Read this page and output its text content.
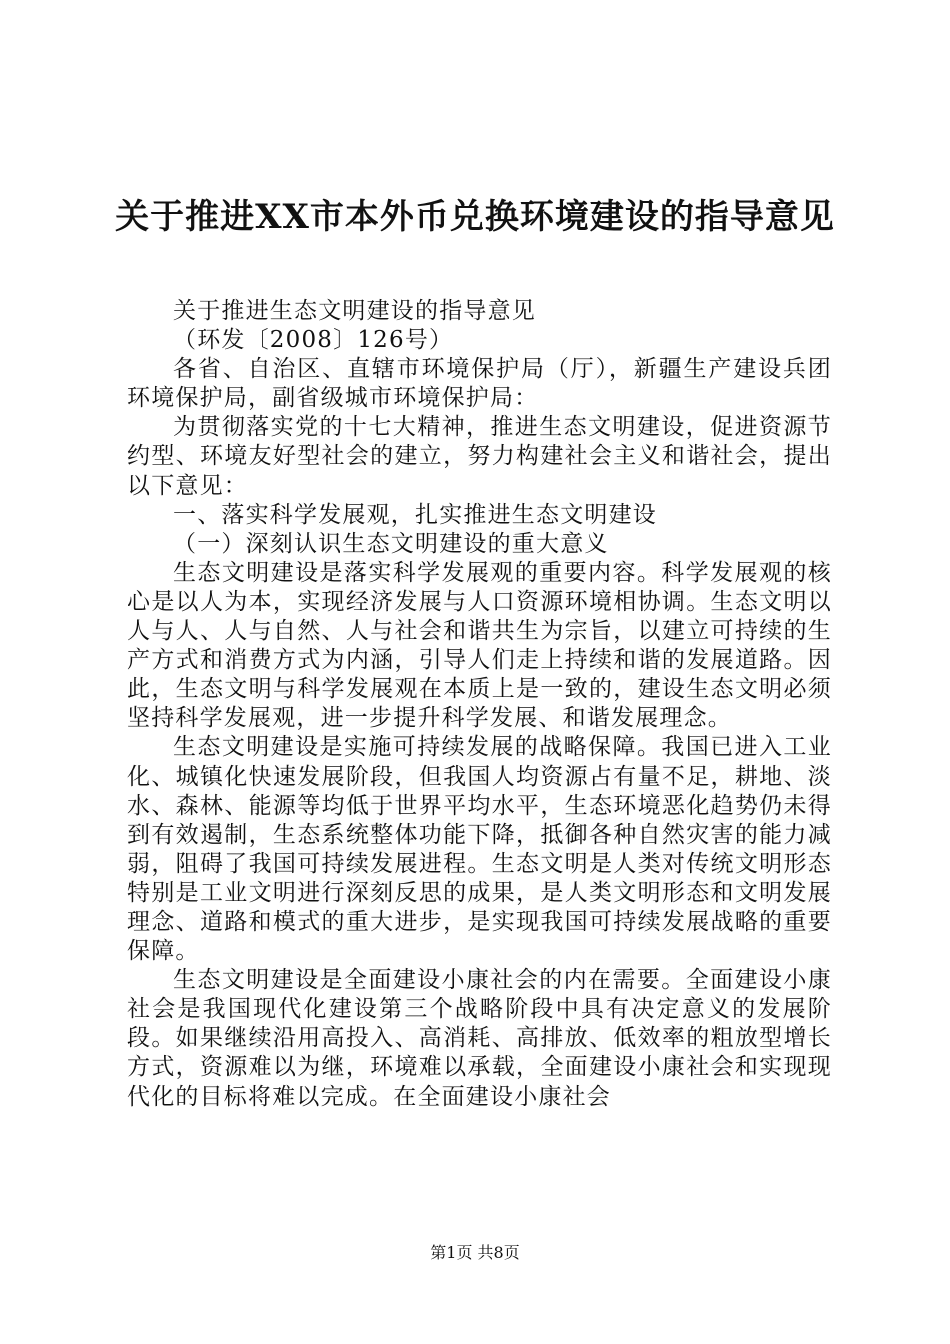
关于推进XX市本外币兑换环境建设的指导意见

关于推进生态文明建设的指导意见

（环发〔2008〕126号）

各省、自治区、直辖市环境保护局（厅），新疆生产建设兵团环境保护局，副省级城市环境保护局：

为贯彻落实党的十七大精神，推进生态文明建设，促进资源节约型、环境友好型社会的建立，努力构建社会主义和谐社会，提出以下意见：

一、落实科学发展观，扎实推进生态文明建设

（一）深刻认识生态文明建设的重大意义

生态文明建设是落实科学发展观的重要内容。科学发展观的核心是以人为本，实现经济发展与人口资源环境相协调。生态文明以人与人、人与自然、人与社会和谐共生为宗旨，以建立可持续的生产方式和消费方式为内涵，引导人们走上持续和谐的发展道路。因此，生态文明与科学发展观在本质上是一致的，建设生态文明必须坚持科学发展观，进一步提升科学发展、和谐发展理念。

生态文明建设是实施可持续发展的战略保障。我国已进入工业化、城镇化快速发展阶段，但我国人均资源占有量不足，耕地、淡水、森林、能源等均低于世界平均水平，生态环境恶化趋势仍未得到有效遏制，生态系统整体功能下降，抵御各种自然灾害的能力减弱，阻碍了我国可持续发展进程。生态文明是人类对传统文明形态特别是工业文明进行深刻反思的成果，是人类文明形态和文明发展理念、道路和模式的重大进步，是实现我国可持续发展战略的重要保障。

生态文明建设是全面建设小康社会的内在需要。全面建设小康社会是我国现代化建设第三个战略阶段中具有决定意义的发展阶段。如果继续沿用高投入、高消耗、高排放、低效率的粗放型增长方式，资源难以为继，环境难以承载，全面建设小康社会和实现现代化的目标将难以完成。在全面建设小康社会

第1页 共8页
